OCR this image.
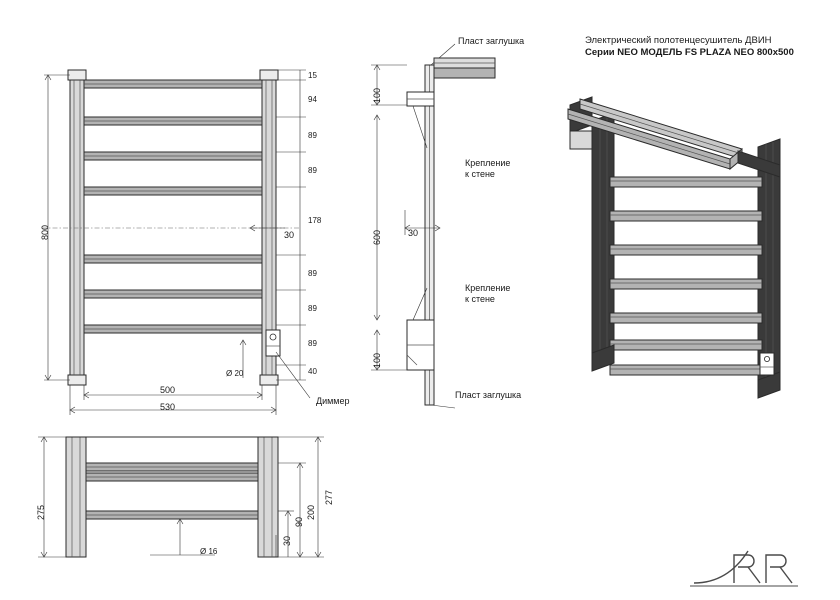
800
500
530
Ø 20
30
Диммер
15
94
89
89
178
89
89
89
40
Пласт заглушка
Пласт заглушка
Крепление
к стене
Крепление
к стене
100
600
100
30
Электрический полотенцесушитель ДВИН
Серии NEO МОДЕЛЬ FS PLAZA NEO 800x500
275
277
200
90
30
Ø 16
